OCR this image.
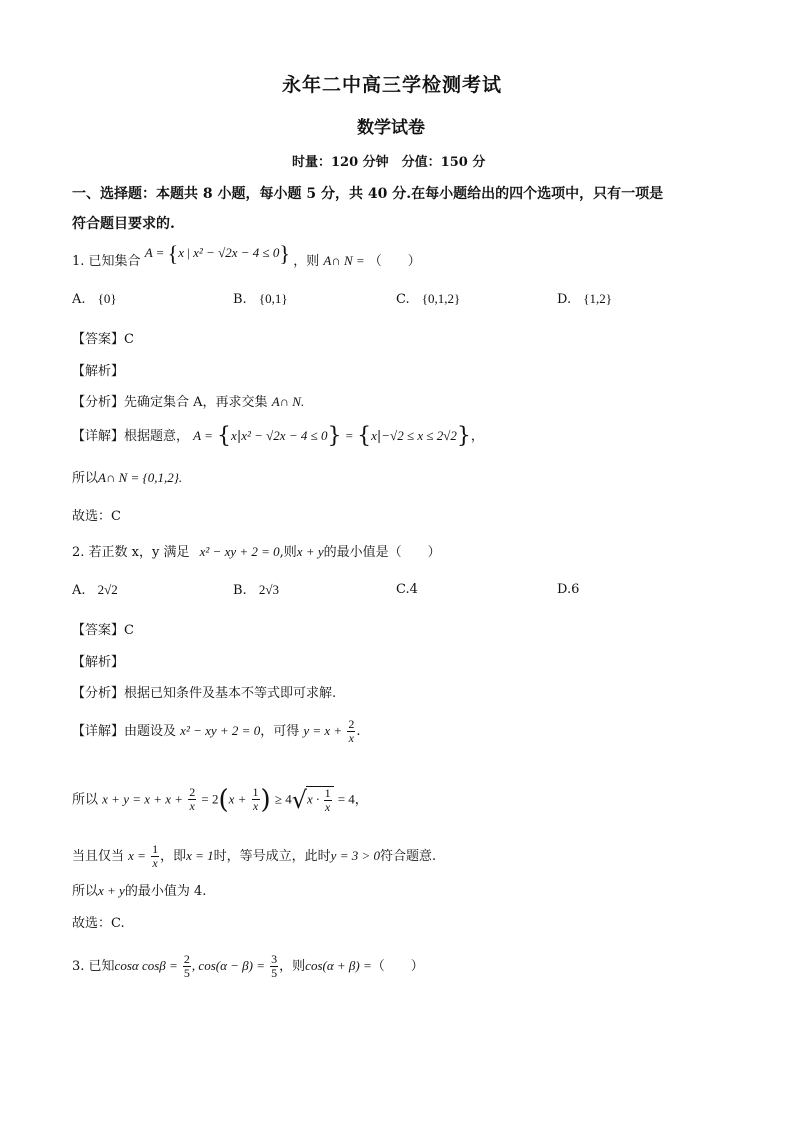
永年二中高三学检测考试
数学试卷
时量：120 分钟　分值：150 分
一、选择题：本题共 8 小题，每小题 5 分，共 40 分.在每小题给出的四个选项中，只有一项是
符合题目要求的.
1. 已知集合 A = {x | x² − √2x − 4 ≤ 0} ，则 A∩ N = （　　）
A. {0}	B. {0,1}	C. {0,1,2}	D. {1,2}
【答案】C
【解析】
【分析】先确定集合 A，再求交集 A∩ N.
【详解】根据题意， A = {x|x² − √2x − 4 ≤ 0} = {x|−√2 ≤ x ≤ 2√2}，
所以A∩ N = {0,1,2}.
故选：C
2. 若正数 x，y 满足 x² − xy + 2 = 0,则x + y的最小值是（　　）
A. 2√2	B. 2√3	C.4	D.6
【答案】C
【解析】
【分析】根据已知条件及基本不等式即可求解.
【详解】由题设及 x² − xy + 2 = 0，可得 $y = x + \frac{2}{x}$ .
所以 $x + y = x + x + \frac{2}{x} = 2(x + \frac{1}{x}$ ) ≥ $4√x \cdot \frac{1}{x} = 4$，
当且仅当 $x = \frac{1}{x}$ ，即x = 1时，等号成立，此时y = 3 > 0符合题意.
所以x + y的最小值为 4.
故选：C.
3. 已知cosα $\cos\beta = \frac{2}{5}$ , $\cos(\alpha - \beta) = \frac{3}{5}$ ，则cos(α + β) =（　　）
